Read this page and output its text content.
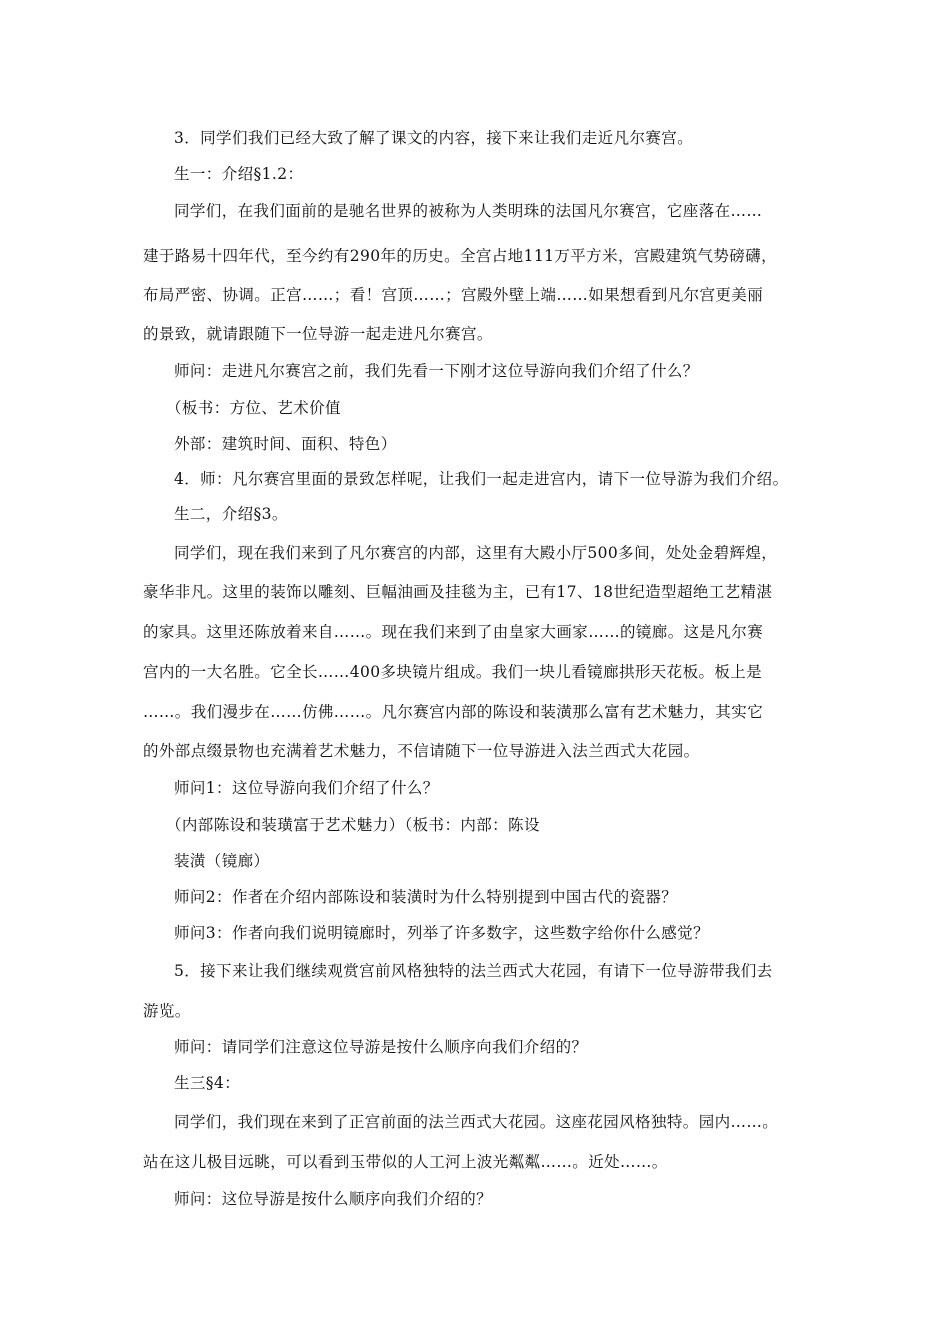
3．同学们我们已经大致了解了课文的内容，接下来让我们走近凡尔赛宫。
生一：介绍§1.2：
同学们，在我们面前的是驰名世界的被称为人类明珠的法国凡尔赛宫，它座落在……
建于路易十四年代，至今约有290年的历史。全宫占地111万平方米，宫殿建筑气势磅礴，
布局严密、协调。正宫……；看！宫顶……；宫殿外壁上端……如果想看到凡尔宫更美丽
的景致，就请跟随下一位导游一起走进凡尔赛宫。
师问：走进凡尔赛宫之前，我们先看一下刚才这位导游向我们介绍了什么？
（板书：方位、艺术价值
外部：建筑时间、面积、特色）
4．师：凡尔赛宫里面的景致怎样呢，让我们一起走进宫内，请下一位导游为我们介绍。
生二，介绍§3。
同学们，现在我们来到了凡尔赛宫的内部，这里有大殿小厅500多间，处处金碧辉煌，
豪华非凡。这里的装饰以雕刻、巨幅油画及挂毯为主，已有17、18世纪造型超绝工艺精湛
的家具。这里还陈放着来自……。现在我们来到了由皇家大画家……的镜廊。这是凡尔赛
宫内的一大名胜。它全长……400多块镜片组成。我们一块儿看镜廊拱形天花板。板上是
……。我们漫步在……仿佛……。凡尔赛宫内部的陈设和装潢那么富有艺术魅力，其实它
的外部点缀景物也充满着艺术魅力，不信请随下一位导游进入法兰西式大花园。
师问1：这位导游向我们介绍了什么？
（内部陈设和装璜富于艺术魅力）（板书：内部：陈设
装潢（镜廊）
师问2：作者在介绍内部陈设和装潢时为什么特别提到中国古代的瓷器？
师问3：作者向我们说明镜廊时，列举了许多数字，这些数字给你什么感觉？
5．接下来让我们继续观赏宫前风格独特的法兰西式大花园，有请下一位导游带我们去
游览。
师问：请同学们注意这位导游是按什么顺序向我们介绍的？
生三§4：
同学们，我们现在来到了正宫前面的法兰西式大花园。这座花园风格独特。园内……。
站在这儿极目远眺，可以看到玉带似的人工河上波光粼粼……。近处……。
师问：这位导游是按什么顺序向我们介绍的？
